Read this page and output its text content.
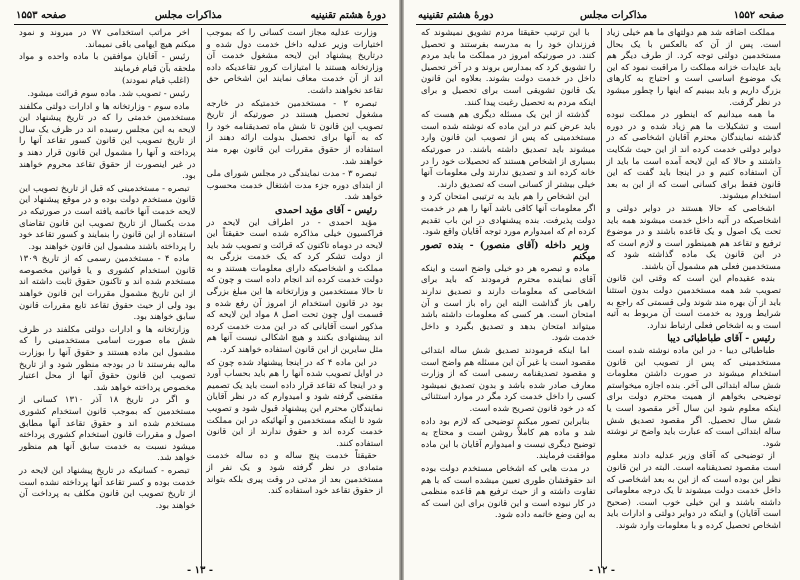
دورهٔ هشتم تقنینیه
مذاکرات مجلس
صفحه ۱۵۵۳

وزارت عدلیه مجاز است کسانی را که بموجب اختیارات وزیر عدلیه داخل خدمت دول شده و درتاریخ پیشنهاد این لایحه مشغول خدمت آن وزارتخانه هستند با امتیازات کرور تقاعدیکه داده اند از آن خدمت معاف نمایند این اشخاص حق تقاعد نخواهند داشت.

تبصره ۲ - مستخدمین خدمتیکه در خارجه مشغول تحصیل هستند در صورتیکه از تاریخ تصویب این قانون تا شش ماه تصدیقنامه خود را که به آنها برای تحصیل بدولت ارائه دهند از استفاده از حقوق مقررات این قانون بهره مند خواهند شد.

تبصره ۳ - مدت نمایندگی در مجلس شورای ملی از ابتدای دوره جزء مدت اشتغال خدمت محسوب خواهد شد.

رئیس - آقای مؤید احمدی

مؤید احمدی - در اطراف این لایحه در فراکسیون خیلی مذاکره شده است حقیقتاً این لایحه در دوماه تاکنون که قرائت و تصویب شد باید از دولت تشکر کرد که یک خدمت بزرگی به مملکت و اشخاصیکه دارای معلومات هستند و به دولت خدمت کرده اند انجام داده است و چون که تا حالا مستخدمین و وزارتخانه ها این مبلغ بزرگی بود در قانون استخدام از امروز آن رفع شده و قسمت اول چون تحت اصل ۸ مواد این لایحه که مذکور است آقایانی که در این مدت خدمت کرده اند پیشنهادی بکنند و هیچ اشکالی نیست آنها هم مثل سایرین از این قانون استفاده خواهند کرد.

در این ماده ۴ که در اینجا پیشنهاد شده چون که در اوایل تصویب شده آنها را هم باید بحساب آورد و در اینجا که تقاعد قرار داده است باید یک تصمیم مقتضی گرفته شود و امیدوارم که در نظر آقایان نمایندگان محترم این پیشنهاد قبول شود و تصویب شود تا اینکه مستخدمین و آنهائیکه در این مملکت خدمت کرده اند و حقوق ندارند از این قانون استفاده کنند.

حقیقتاً خدمت پنج ساله و ده ساله خدمت متمادی در نظر گرفته شود و یک نفر از مستخدمین بعد از مدتی در وقت پیری بلکه بتواند از حقوق تقاعد خود استفاده کند.

آخر مراتب استخدامی ۷۷ در میروند و نمود میکنم هیچ ایهامی باقی نمیماند.

رئیس - آقایان موافقین با ماده واحده و مواد ملحقه بآن قیام فرمایند

(اغلب قیام نمودند)

رئیس - تصویب شد. ماده سوم قرائت میشود.

ماده سوم - وزارتخانه ها و ادارات دولتی مکلفند مستخدمین خدمتی را که در تاریخ پیشنهاد این لایحه به این مجلس رسیده اند در ظرف یک سال از تاریخ تصویب این قانون کسور تقاعد آنها را پرداخته و آنها را مشمول این قانون قرار دهند و در غیر اینصورت از حقوق تقاعد محروم خواهند بود.

تبصره - مستخدمینی که قبل از تاریخ تصویب این قانون مستخدم دولت بوده و در موقع پیشنهاد این لایحه خدمت آنها خاتمه یافته است در صورتیکه در مدت یکسال از تاریخ تصویب این قانون تقاضای استفاده از این قانون را بنمایند و کسور تقاعد خود را پرداخته باشند مشمول این قانون خواهند بود.

ماده ۴ - مستخدمین رسمی که از تاریخ ۱۳۰۹ قانون استخدام کشوری و یا قوانین مخصوصه مستخدم شده اند و تاکنون حقوق ثابت داشته اند از این تاریخ مشمول مقررات این قانون خواهند بود ولی از حیث حقوق تقاعد تابع مقررات قانون سابق خواهند بود.

وزارتخانه ها و ادارات دولتی مکلفند در ظرف شش ماه صورت اسامی مستخدمینی را که مشمول این ماده هستند و حقوق آنها را بوزارت مالیه بفرستند تا در بودجه منظور شود و از تاریخ تصویب این قانون حقوق آنها از محل اعتبار مخصوص پرداخته خواهد شد.

و اگر در تاریخ ۱۸ آذر ۱۳۱۰ کسانی از مستخدمین که بموجب قانون استخدام کشوری مستخدم شده اند و حقوق تقاعد آنها مطابق اصول و مقررات قانون استخدام کشوری پرداخته میشود نسبت به خدمت سابق آنها هم منظور خواهد شد.

تبصره - کسانیکه در تاریخ پیشنهاد این لایحه در خدمت بوده و کسر تقاعد آنها پرداخته نشده است از تاریخ تصویب این قانون مکلف به پرداخت آن خواهند بود.

- ۱۳ -
صفحه ۱۵۵۲
مذاکرات مجلس
دورهٔ هشتم تقنینیه

مملکت اضافه شد هم دولتهای ما هم خیلی زیاد است. پس از آن که بالعکس با یک بحال مستخدمین دولتی توجه کرد. از طرف دیگر هم باید عایدات خزانه مملکت را مراقبت نمود که این یک موضوع اساسی است و احتیاج به کارهای بزرگ داریم و باید ببینیم که اینها را چطور میشود در نظر گرفت.

ما همه میدانیم که اینطور در مملکت نبوده است و تشکیلات ما هم زیاد شده و در دوره گذشته نمایندگان محترم آقایان اشخاصی که در دوایر دولتی خدمت کرده اند از این حیث شکایت داشتند و حالا که این لایحه آمده است ما باید از آن استفاده کنیم و در اینجا باید گفت که این قانون فقط برای کسانی است که از این به بعد استخدام میشوند.

اشخاصی که حالا هستند در دوایر دولتی و اشخاصیکه در آتیه داخل خدمت میشوند همه باید تحت یک اصول و یک قاعده باشند و در موضوع ترفیع و تقاعد هم همینطور است و لازم است که در این قانون یک ماده گذاشته شود که مستخدمین فعلی هم مشمول آن باشند.

بنده عقیده‌ام این است که وقتی این قانون تصویب شد همه مستخدمین دولت بدون استثنا باید از آن بهره مند شوند ولی قسمتی که راجع به شرایط ورود به خدمت است آن مربوط به آتیه است و به اشخاص فعلی ارتباط ندارد.

رئیس - آقای طباطبائی دیبا

طباطبائی دیبا - در این ماده نوشته شده است مستخدمینی که پس از تصویب این قانون استخدام میشوند در صورت داشتن معلومات شش ساله ابتدائی الی آخر. بنده اجازه میخواستم توضیحی بخواهم از همیت محترم دولت برای اینکه معلوم شود این سال آخر مقصود است یا شش سال تحصیل. اگر مقصود تصدیق شش ساله ابتدائی است که عبارت باید واضح تر نوشته شود.

از توضیحی که آقای وزیر عدلیه دادند معلوم است مقصود تصدیقنامه است. البته در این قانون نظر این بوده است که از این به بعد اشخاصی که داخل خدمت دولت میشوند تا یک درجه معلوماتی داشته باشند و این خیلی خوب است. (صحیح است آقایان) و اینکه در دوایر دولتی و ادارات باید اشخاص تحصیل کرده و با معلومات وارد شوند.

با این ترتیب حقیقتاً مردم تشویق نمیشوند که فرزندان خود را به مدرسه بفرستند و تحصیل کنند. در صورتیکه امروز در مملکت ما باید مردم را تشویق کرد که بمدارس بروند و در آخر تحصیل داخل در خدمت دولت بشوند. بعلاوه این قانون یک قانون تشویقی است برای تحصیل و برای اینکه مردم به تحصیل رغبت پیدا کنند.

گذشته از این یک مسئله دیگری هم هست که باید عرض کنم در این ماده که نوشته شده است مستخدمینی که پس از تصویب این قانون وارد میشوند باید تصدیق داشته باشند. در صورتیکه بسیاری از اشخاص هستند که تحصیلات خود را در خانه کرده اند و تصدیق ندارند ولی معلومات آنها خیلی بیشتر از کسانی است که تصدیق دارند.

این اشخاص را هم باید به ترتیبی امتحان کرد و اگر معلومات آنها کافی باشد آنها را هم در خدمت دولت پذیرفت. بنده پیشنهادی در این باب تقدیم کرده ام که امیدوارم مورد توجه آقایان واقع شود.

وزیر داخله (آقای منصور) - بنده تصور میکنم

ماده و تبصره هر دو خیلی واضح است و اینکه آقای نماینده محترم فرمودند که باید برای اشخاصی که معلومات دارند و تصدیق ندارند راهی باز گذاشت البته این راه باز است و آن امتحان است. هر کسی که معلومات داشته باشد میتواند امتحان بدهد و تصدیق بگیرد و داخل خدمت شود.

اما اینکه فرمودند تصدیق شش ساله ابتدائی مقصود است یا غیر آن این مسئله هم واضح است و مقصود تصدیقنامه رسمی است که از وزارت معارف صادر شده باشد و بدون تصدیق نمیشود کسی را داخل خدمت کرد مگر در موارد استثنائی که در خود قانون تصریح شده است.

بنابراین تصور میکنم توضیحی که لازم بود داده شد و ماده هم کاملاً روشن است و محتاج به توضیح دیگری نیست و امیدوارم آقایان با این ماده موافقت فرمایند.

در مدت هایی که اشخاص مستخدم دولت بوده اند حقوقشان طوری تعیین میشده است که با هم تفاوت داشته و از حیث ترفیع هم قاعده منظمی در کار نبوده است و این قانون برای این است که به این وضع خاتمه داده شود.

- ۱۲ -
